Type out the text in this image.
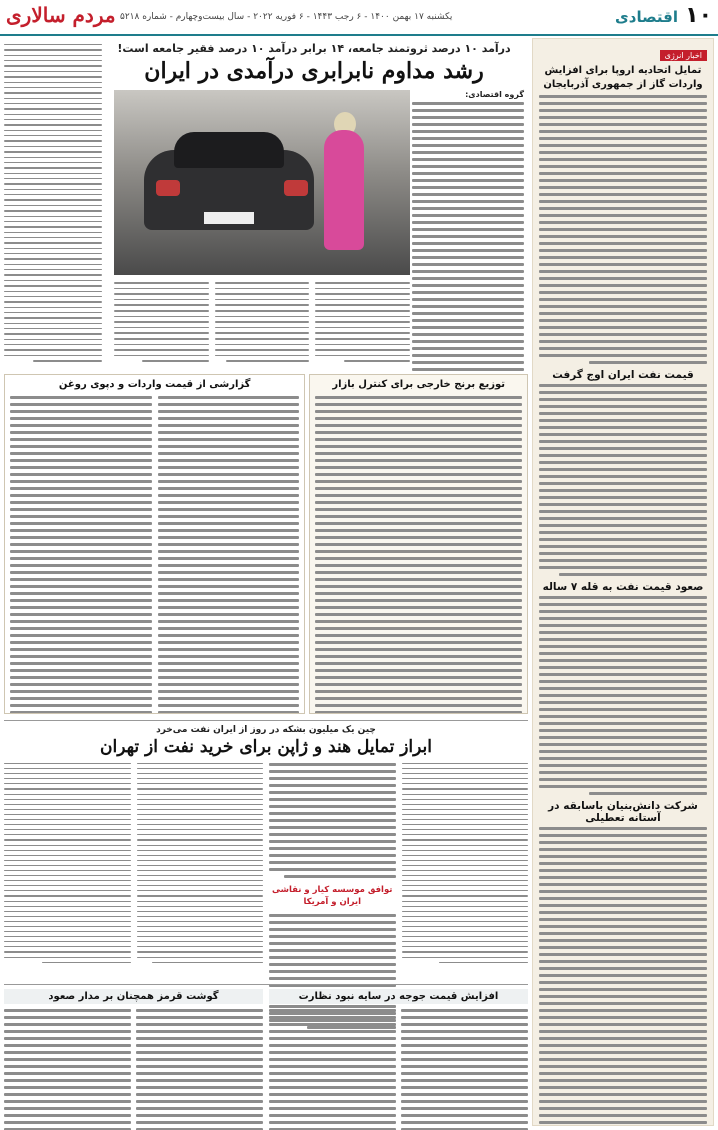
۱۰
اقتصادی
یکشنبه ۱۷ بهمن ۱۴۰۰ - ۶ رجب ۱۴۴۳ - ۶ فوریه ۲۰۲۲ - سال بیست‌وچهارم - شماره ۵۲۱۸
مردم سالاری
اخبار انرژی
تمایل اتحادیه اروپا برای افزایش واردات گاز از جمهوری آذربایجان
قیمت نفت ایران اوج گرفت
صعود قیمت نفت به قله ۷ ساله
شرکت دانش‌بنیان باسابقه در آستانه تعطیلی
درآمد ۱۰ درصد ثروتمند جامعه، ۱۴ برابر درآمد ۱۰ درصد فقیر جامعه است!
رشد مداوم نابرابری درآمدی در ایران
گروه اقتصادی:
توزیع برنج خارجی برای کنترل بازار
گزارشی از قیمت واردات و دپوی روغن
چین یک میلیون بشکه در روز از ایران نفت می‌خرد
ابراز تمایل هند و ژاپن برای خرید نفت از تهران
توافق موسسه کیار و نقاشی ایران و آمریکا
افزایش قیمت جوجه در سایه نبود نظارت
گوشت قرمز همچنان بر مدار صعود
